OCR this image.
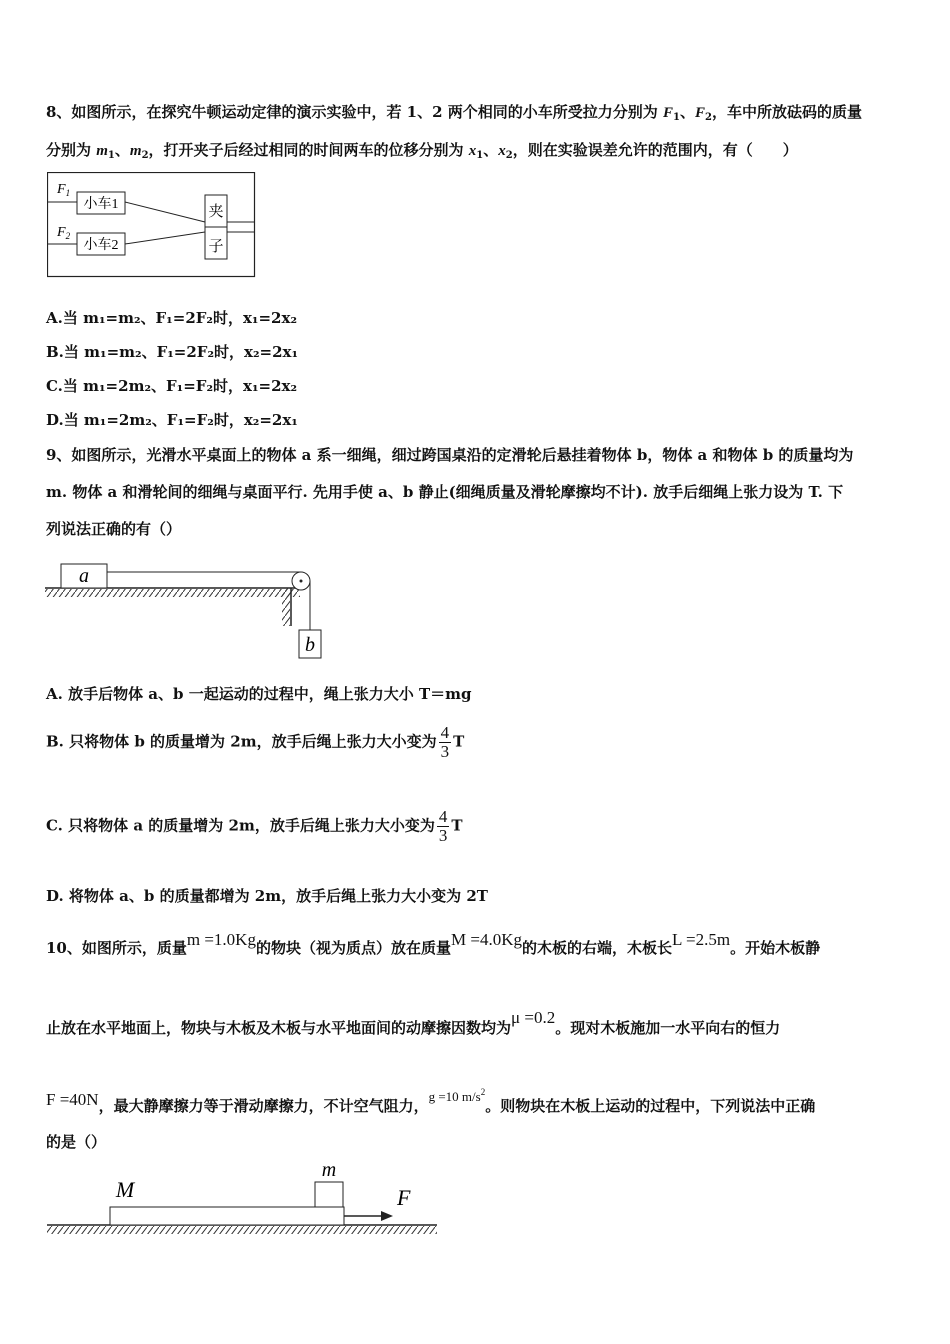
8、如图所示，在探究牛顿运动定律的演示实验中，若 1、2 两个相同的小车所受拉力分别为 $F_1$、$F_2$，车中所放砝码的质量
分别为 $m_1$、$m_2$，打开夹子后经过相同的时间两车的位移分别为 $x_1$、$x_2$，则在实验误差允许的范围内，有（　　）
$F_1$
$F_2$
小车1
小车2
夹
子
A.当 m₁=m₂、F₁=2F₂时，x₁=2x₂
B.当 m₁=m₂、F₁=2F₂时，x₂=2x₁
C.当 m₁=2m₂、F₁=F₂时，x₁=2x₂
D.当 m₁=2m₂、F₁=F₂时，x₂=2x₁
9、如图所示，光滑水平桌面上的物体 a 系一细绳，细过跨国桌沿的定滑轮后悬挂着物体 b，物体 a 和物体 b 的质量均为
m. 物体 a 和滑轮间的细绳与桌面平行. 先用手使 a、b 静止(细绳质量及滑轮摩擦均不计). 放手后细绳上张力设为 T. 下
列说法正确的有（）
a
b
A. 放手后物体 a、b 一起运动的过程中，绳上张力大小 T＝mg
B. 只将物体 b 的质量增为 2m，放手后绳上张力大小变为 $\frac{4}{3}$ T
C. 只将物体 a 的质量增为 2m，放手后绳上张力大小变为 $\frac{4}{3}$ T
D. 将物体 a、b 的质量都增为 2m，放手后绳上张力大小变为 2T
10、如图所示，质量m =1.0Kg的物块（视为质点）放在质量M =4.0Kg的木板的右端，木板长L =2.5m。开始木板静
止放在水平地面上，物块与木板及木板与水平地面间的动摩擦因数均为μ =0.2。现对木板施加一水平向右的恒力
F =40N，最大静摩擦力等于滑动摩擦力，不计空气阻力，g =10 $m/s^2$。则物块在木板上运动的过程中，下列说法中正确
的是（）
M
m
F
